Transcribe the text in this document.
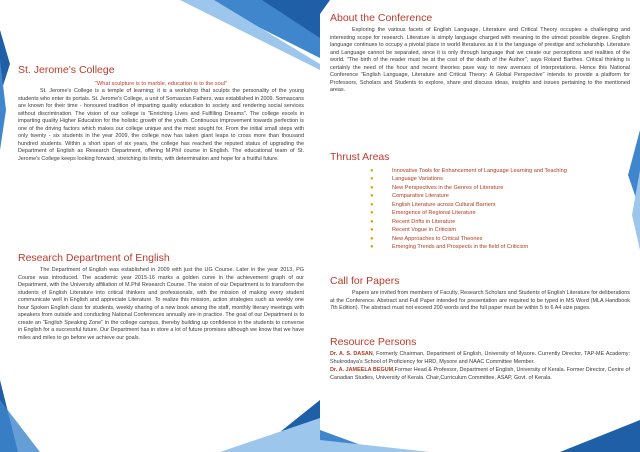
St. Jerome's College
"What sculpture is to marble, education is to the soul"

St. Jerome's College is a temple of learning; it is a workshop that sculpts the personality of the young students who enter its portals. St. Jerome's College, a unit of Somascan Fathers, was established in 2009. Somascans are known for their time - honoured tradition of imparting quality education to society and rendering social services without discrimination. The vision of our college is "Enriching Lives and Fulfilling Dreams". The college excels in imparting quality Higher Education for the holistic growth of the youth. Continuous improvement towards perfection is one of the driving factors which makes our college unique and the most sought for. From the initial small steps with only twenty - six students in the year 2009, the college now has taken giant leaps to cross more than thousand hundred students. Within a short span of six years, the college has reached the reputed status of upgrading the Department of English as Research Department, offering M.Phil course in English. The educational team of St. Jerome's College keeps looking forward, stretching its limits, with determination and hope for a fruitful future.

Research Department of English

The Department of English was established in 2009 with just the UG Course. Later in the year 2013, PG Course was introduced. The academic year 2015-16 marks a golden curve in the achievement graph of our Department, with the University affiliation of M.Phil Research Course. The vision of our Department is to transform the students of English Literature into critical thinkers and professionals, with the mission of making every student communicate well in English and appreciate Literature. To realize this mission, action strategies such as weekly one hour Spoken English class for students, weekly sharing of a new book among the staff, monthly literary meetings with speakers from outside and conducting National Conferences annually are in practice. The goal of our Department is to create an "English Speaking Zone" in the college campus, thereby building up confidence in the students to converse in English for a successful future. Our Department has in store a lot of future promises although we know that we have miles and miles to go before we achieve our goals.

About the Conference

Exploring the various facets of English Language, Literature and Critical Theory occupies a challenging and interesting scope for research. Literature is simply language charged with meaning to the utmost possible degree. English language continues to occupy a pivotal place in world literatures as it is the language of prestige and scholarship. Literature and Language cannot be separated, since it is only through language that we create our perceptions and realities of the world. "The birth of the reader must be at the cost of the death of the Author", says Roland Barthes. Critical thinking is certainly the need of the hour and recent theories pave way to new avenues of interpretations. Hence this National Conference "English Language, Literature and Critical Theory: A Global Perspective" intends to provide a platform for Professors, Scholars and Students to explore, share and discuss ideas, insights and issues pertaining to the mentioned areas.

Thrust Areas
●	Innovative Tools for Enhancement of Language Learning and Teaching
●	Language Variations
●	New Perspectives in the Genres of Literature
●	Comparative Literature
●	English Literature across Cultural Barriers
●	Emergence of Regional Literature
●	Recent Drifts in Literature
●	Recent Vogue in Criticism
●	New Approaches to Critical Theories
●	Emerging Trends and Prospects in the field of Criticism
Call for Papers

Papers are invited from members of Faculty, Research Scholars and Students of English Literature for deliberations at the Conference. Abstract and Full Paper intended for presentation are required to be typed in MS Word (MLA Handbook 7th Edition). The abstract must not exceed 200 words and the full paper must be within 5 to 6 A4 size pages.

Resource Persons

Dr. A. S. DASAN, Formerly Chairman, Department of English, University of Mysore. Currently Director, TAP-ME Academy: Shukrodaya's School of Proficiency for HRD, Mysore and NAAC Committee Member.

Dr. A. JAMEELA BEGUM,Former Head & Professor, Department of English, University of Kerala. Former Director, Centre of Canadian Studies, University of Kerala. Chair,Curriculum Committee, ASAP, Govt. of Kerala.
